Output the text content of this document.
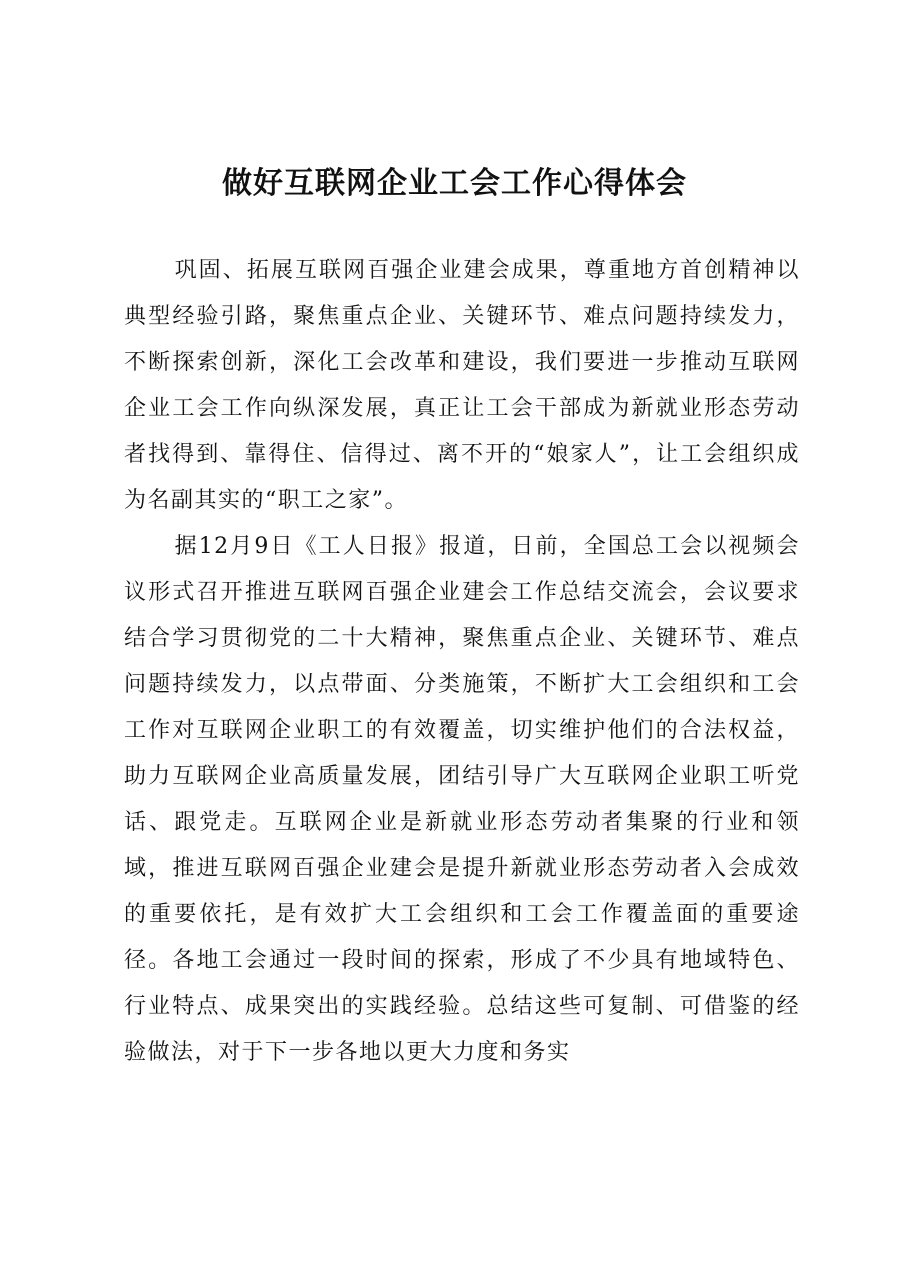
做好互联网企业工会工作心得体会

巩固、拓展互联网百强企业建会成果，尊重地方首创精神以典型经验引路，聚焦重点企业、关键环节、难点问题持续发力，不断探索创新，深化工会改革和建设，我们要进一步推动互联网企业工会工作向纵深发展，真正让工会干部成为新就业形态劳动者找得到、靠得住、信得过、离不开的“娘家人”，让工会组织成为名副其实的“职工之家”。

据12月9日《工人日报》报道，日前，全国总工会以视频会议形式召开推进互联网百强企业建会工作总结交流会，会议要求结合学习贯彻党的二十大精神，聚焦重点企业、关键环节、难点问题持续发力，以点带面、分类施策，不断扩大工会组织和工会工作对互联网企业职工的有效覆盖，切实维护他们的合法权益，助力互联网企业高质量发展，团结引导广大互联网企业职工听党话、跟党走。互联网企业是新就业形态劳动者集聚的行业和领域，推进互联网百强企业建会是提升新就业形态劳动者入会成效的重要依托，是有效扩大工会组织和工会工作覆盖面的重要途径。各地工会通过一段时间的探索，形成了不少具有地域特色、行业特点、成果突出的实践经验。总结这些可复制、可借鉴的经验做法，对于下一步各地以更大力度和务实
